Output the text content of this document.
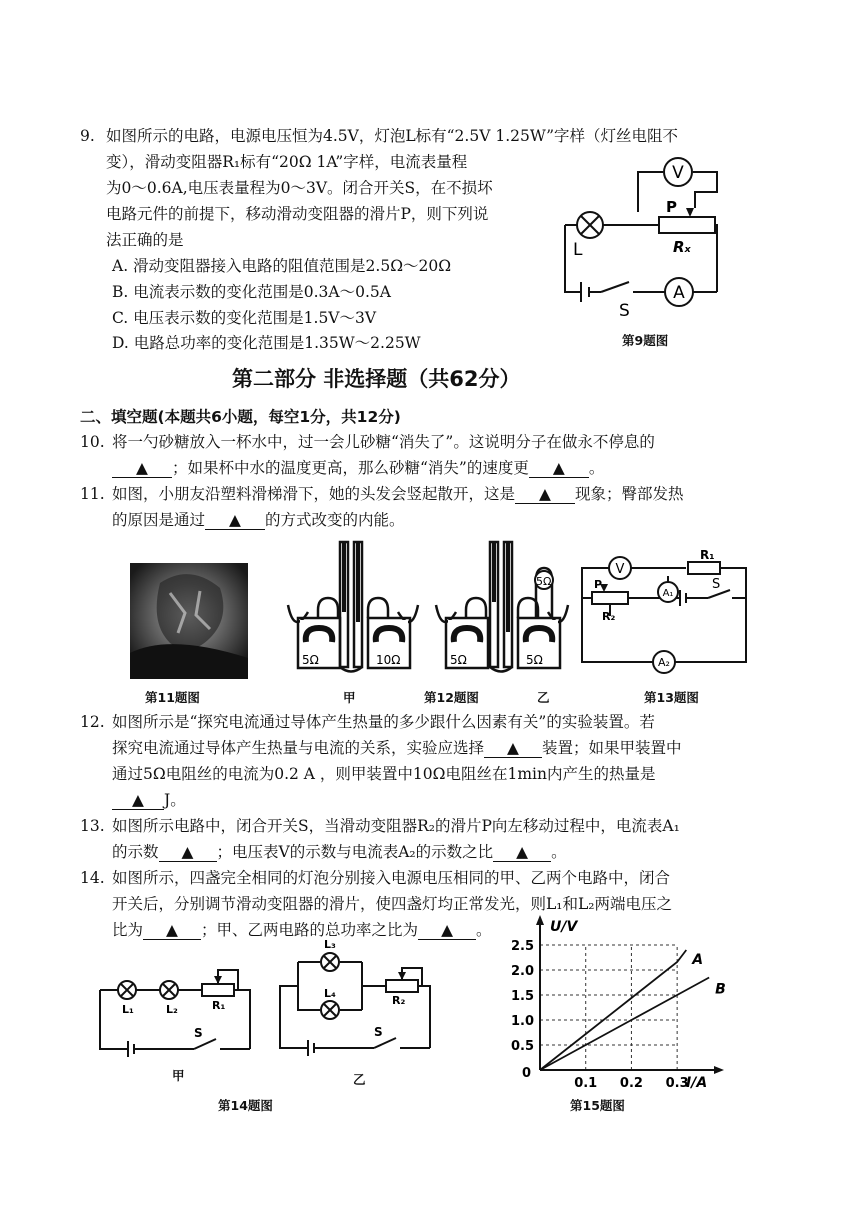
9. 如图所示的电路，电源电压恒为4.5V，灯泡L标有“2.5V 1.25W”字样（灯丝电阻不
变），滑动变阻器R₁标有“20Ω 1A”字样，电流表量程
为0～0.6A,电压表量程为0～3V。闭合开关S，在不损坏
电路元件的前提下，移动滑动变阻器的滑片P，则下列说
法正确的是
A. 滑动变阻器接入电路的阻值范围是2.5Ω～20Ω
B. 电流表示数的变化范围是0.3A～0.5A
C. 电压表示数的变化范围是1.5V～3V
D. 电路总功率的变化范围是1.35W～2.25W
V
L
P
Rₓ
S
A
第9题图
第二部分 非选择题（共62分）
二、填空题(本题共6小题，每空1分，共12分)
10. 将一勺砂糖放入一杯水中，过一会儿砂糖“消失了”。这说明分子在做永不停息的
▲ ；如果杯中水的温度更高，那么砂糖“消失”的速度更 ▲ 。
11. 如图，小朋友沿塑料滑梯滑下，她的头发会竖起散开，这是 ▲ 现象；臀部发热
的原因是通过 ▲ 的方式改变的内能。
第11题图
5Ω	10Ω
甲	第12题图
5Ω
5Ω	5Ω
乙
V
R₁
A₁
P
R₂
S
A₂
第13题图
12. 如图所示是“探究电流通过导体产生热量的多少跟什么因素有关”的实验装置。若
探究电流通过导体产生热量与电流的关系，实验应选择 ▲ 装置；如果甲装置中
通过5Ω电阻丝的电流为0.2 A ，则甲装置中10Ω电阻丝在1min内产生的热量是
▲ J。
13. 如图所示电路中，闭合开关S，当滑动变阻器R₂的滑片P向左移动过程中，电流表A₁
的示数 ▲ ；电压表V的示数与电流表A₂的示数之比 ▲ 。
14. 如图所示，四盏完全相同的灯泡分别接入电源电压相同的甲、乙两个电路中，闭合
开关后，分别调节滑动变阻器的滑片，使四盏灯均正常发光，则L₁和L₂两端电压之
比为 ▲ ；甲、乙两电路的总功率之比为 ▲ 。
L₁	L₂	R₁
S
甲
L₃
L₄
R₂
S
乙
第14题图
0.1 0.2 0.3
0.5
1.0
1.5
2.0
2.5
A
B
U/V
I/A
0
第15题图
